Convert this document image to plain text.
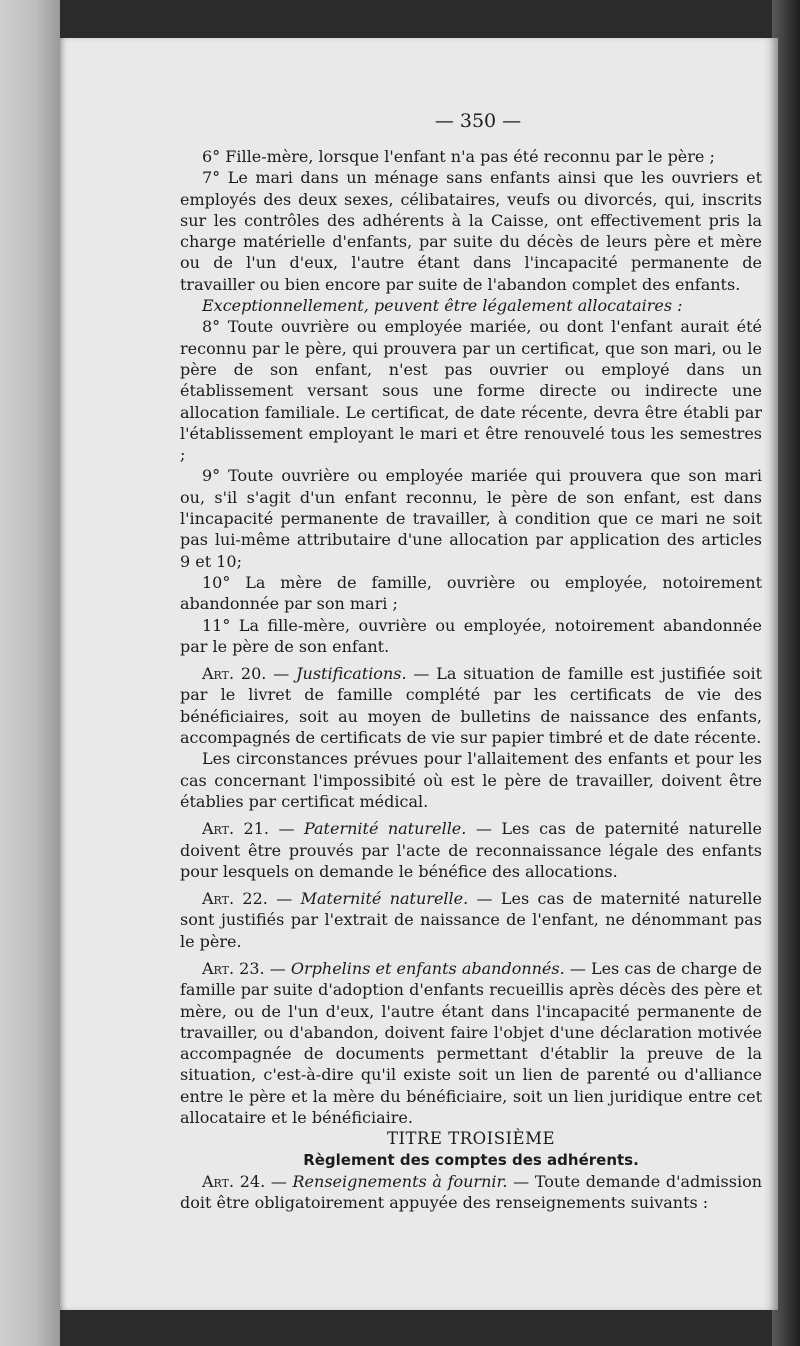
— 350 —

6° Fille-mère, lorsque l'enfant n'a pas été reconnu par le père ;

7° Le mari dans un ménage sans enfants ainsi que les ouvriers et employés des deux sexes, célibataires, veufs ou divorcés, qui, inscrits sur les contrôles des adhérents à la Caisse, ont effectivement pris la charge matérielle d'enfants, par suite du décès de leurs père et mère ou de l'un d'eux, l'autre étant dans l'incapacité permanente de travailler ou bien encore par suite de l'abandon complet des enfants.

Exceptionnellement, peuvent être légalement allocataires :

8° Toute ouvrière ou employée mariée, ou dont l'enfant aurait été reconnu par le père, qui prouvera par un certificat, que son mari, ou le père de son enfant, n'est pas ouvrier ou employé dans un établissement versant sous une forme directe ou indirecte une allocation familiale. Le certificat, de date récente, devra être établi par l'établissement employant le mari et être renouvelé tous les semestres ;

9° Toute ouvrière ou employée mariée qui prouvera que son mari ou, s'il s'agit d'un enfant reconnu, le père de son enfant, est dans l'incapacité permanente de travailler, à condition que ce mari ne soit pas lui-même attributaire d'une allocation par application des articles 9 et 10;

10° La mère de famille, ouvrière ou employée, notoirement abandonnée par son mari ;

11° La fille-mère, ouvrière ou employée, notoirement abandonnée par le père de son enfant.

Art. 20. — Justifications. — La situation de famille est justifiée soit par le livret de famille complété par les certificats de vie des bénéficiaires, soit au moyen de bulletins de naissance des enfants, accompagnés de certificats de vie sur papier timbré et de date récente.

Les circonstances prévues pour l'allaitement des enfants et pour les cas concernant l'impossibité où est le père de travailler, doivent être établies par certificat médical.

Art. 21. — Paternité naturelle. — Les cas de paternité naturelle doivent être prouvés par l'acte de reconnaissance légale des enfants pour lesquels on demande le bénéfice des allocations.

Art. 22. — Maternité naturelle. — Les cas de maternité naturelle sont justifiés par l'extrait de naissance de l'enfant, ne dénommant pas le père.

Art. 23. — Orphelins et enfants abandonnés. — Les cas de charge de famille par suite d'adoption d'enfants recueillis après décès des père et mère, ou de l'un d'eux, l'autre étant dans l'incapacité permanente de travailler, ou d'abandon, doivent faire l'objet d'une déclaration motivée accompagnée de documents permettant d'établir la preuve de la situation, c'est-à-dire qu'il existe soit un lien de parenté ou d'alliance entre le père et la mère du bénéficiaire, soit un lien juridique entre cet allocataire et le bénéficiaire.

TITRE TROISIÈME

Règlement des comptes des adhérents.

Art. 24. — Renseignements à fournir. — Toute demande d'admission doit être obligatoirement appuyée des renseignements suivants :
